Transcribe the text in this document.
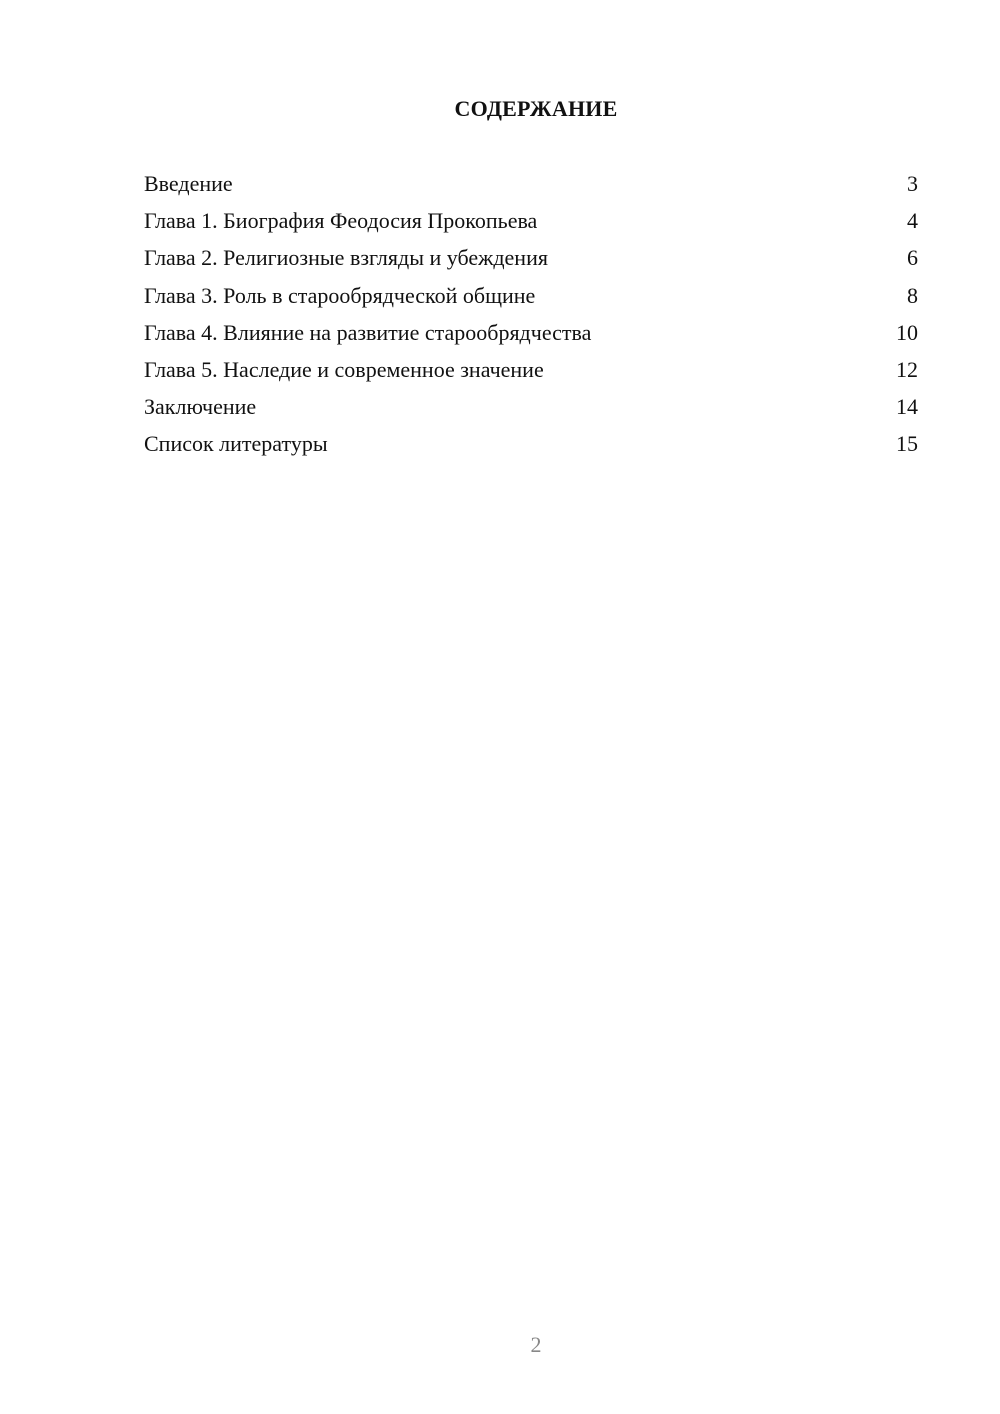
СОДЕРЖАНИЕ
Введение	3
Глава 1. Биография Феодосия Прокопьева	4
Глава 2. Религиозные взгляды и убеждения	6
Глава 3. Роль в старообрядческой общине	8
Глава 4. Влияние на развитие старообрядчества	10
Глава 5. Наследие и современное значение	12
Заключение	14
Список литературы	15
2
